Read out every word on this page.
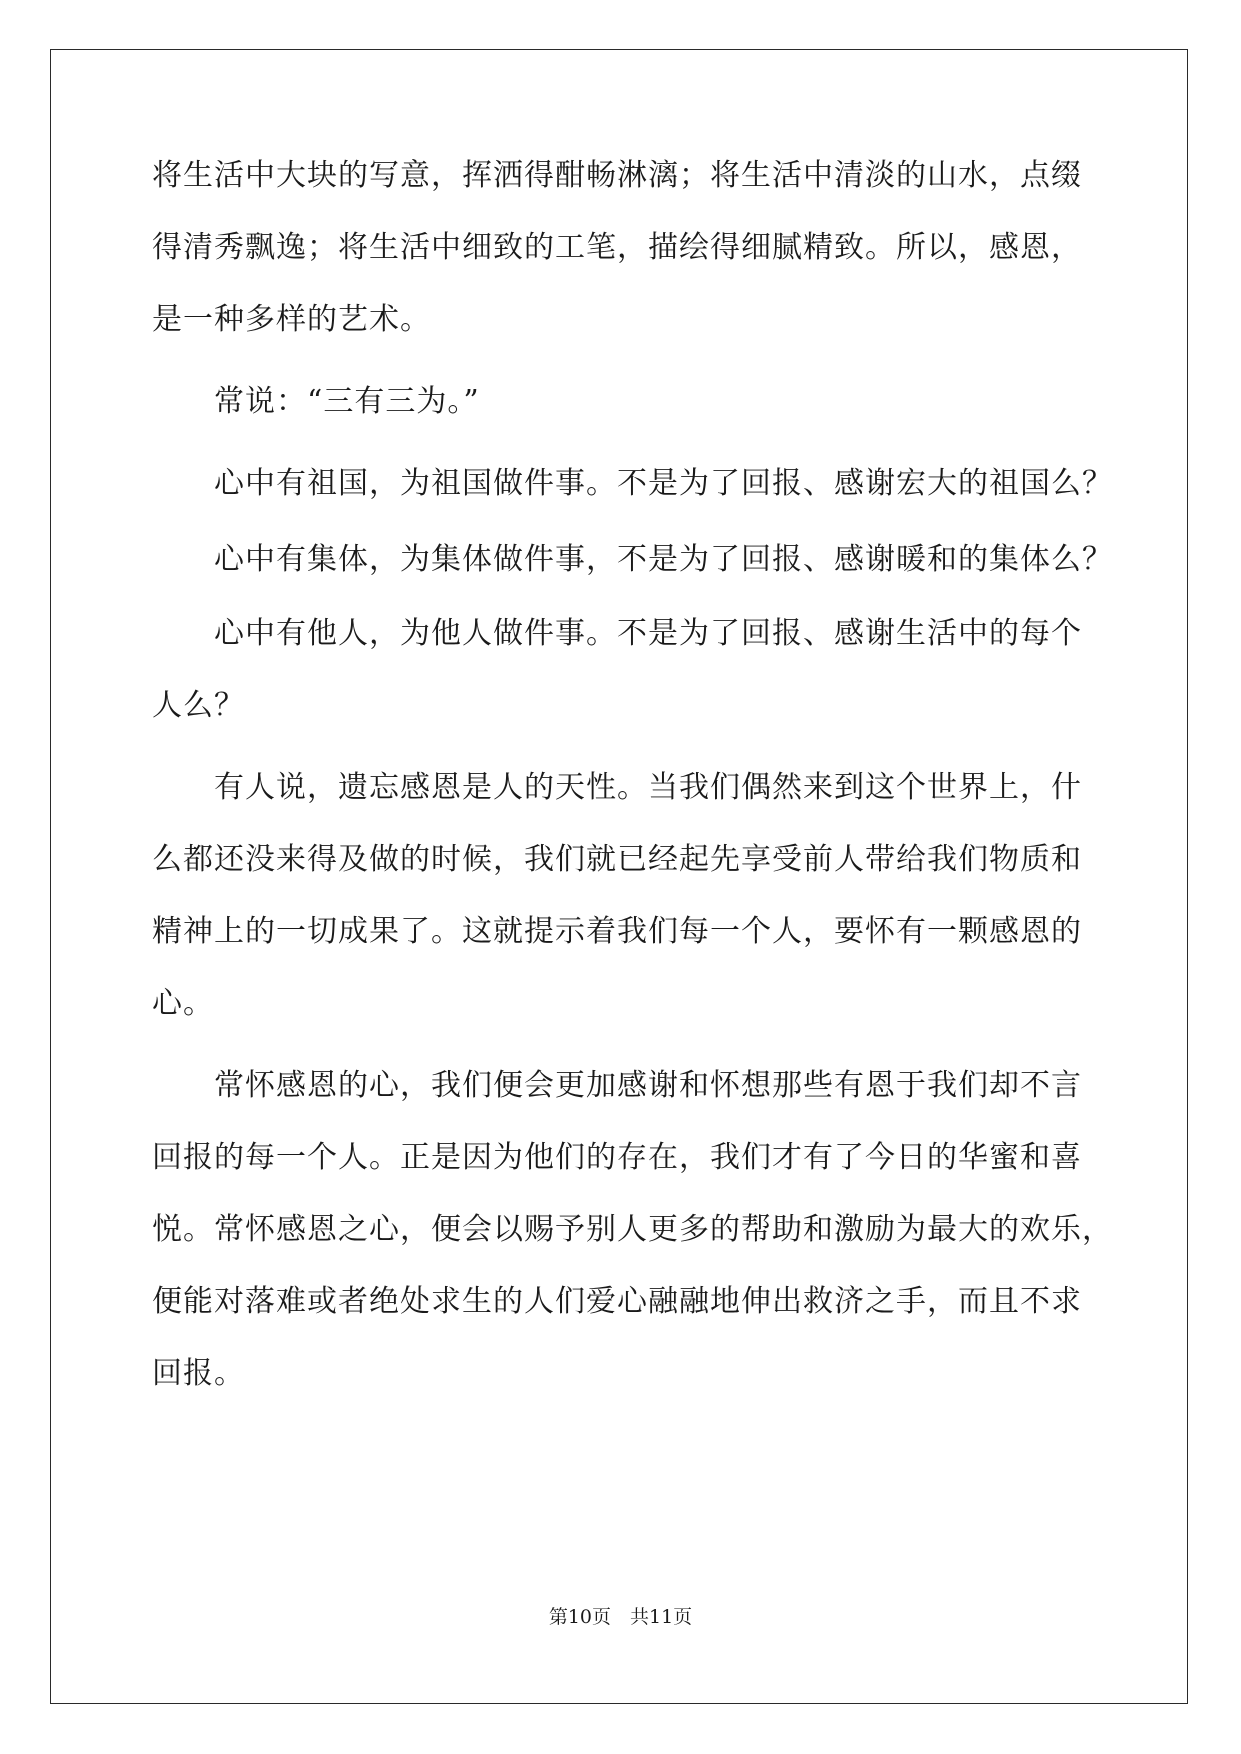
将生活中大块的写意，挥洒得酣畅淋漓；将生活中清淡的山水，点缀
得清秀飘逸；将生活中细致的工笔，描绘得细腻精致。所以，感恩，
是一种多样的艺术。
常说：“三有三为。”
心中有祖国，为祖国做件事。不是为了回报、感谢宏大的祖国么？
心中有集体，为集体做件事，不是为了回报、感谢暖和的集体么？
心中有他人，为他人做件事。不是为了回报、感谢生活中的每个
人么？
有人说，遗忘感恩是人的天性。当我们偶然来到这个世界上，什
么都还没来得及做的时候，我们就已经起先享受前人带给我们物质和
精神上的一切成果了。这就提示着我们每一个人，要怀有一颗感恩的
心。
常怀感恩的心，我们便会更加感谢和怀想那些有恩于我们却不言
回报的每一个人。正是因为他们的存在，我们才有了今日的华蜜和喜
悦。常怀感恩之心，便会以赐予别人更多的帮助和激励为最大的欢乐，
便能对落难或者绝处求生的人们爱心融融地伸出救济之手，而且不求
回报。
第10页　共11页
